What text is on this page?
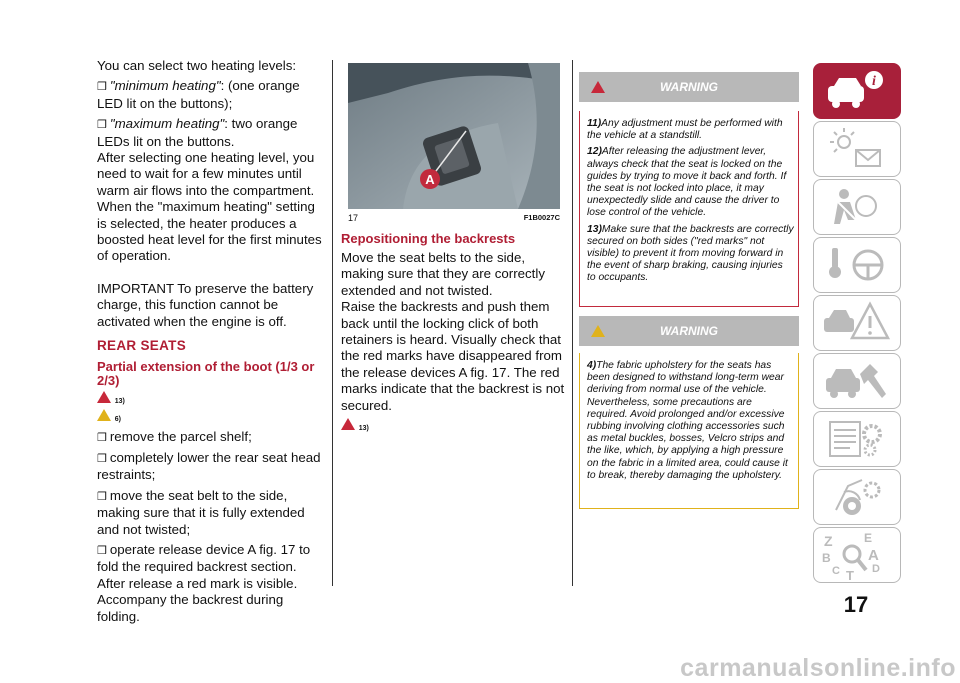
You can select two heating levels:

❒ "minimum heating": (one orange LED lit on the buttons);

❒ "maximum heating": two orange LEDs lit on the buttons.

After selecting one heating level, you need to wait for a few minutes until warm air flows into the compartment. When the "maximum heating" setting is selected, the heater produces a boosted heat level for the first minutes of operation.

IMPORTANT To preserve the battery charge, this function cannot be activated when the engine is off.

REAR SEATS

Partial extension of the boot (1/3 or 2/3)

13)

6)

❒ remove the parcel shelf;

❒ completely lower the rear seat head restraints;

❒ move the seat belt to the side, making sure that it is fully extended and not twisted;

❒ operate release device A fig. 17 to fold the required backrest section. After release a red mark is visible.

Accompany the backrest during folding.

A
17	F1B0027C

Repositioning the backrests

Move the seat belts to the side, making sure that they are correctly extended and not twisted.

Raise the backrests and push them back until the locking click of both retainers is heard. Visually check that the red marks have disappeared from the release devices A fig. 17. The red marks indicate that the backrest is not secured.

13)

WARNING

11)Any adjustment must be performed with the vehicle at a standstill.

12)After releasing the adjustment lever, always check that the seat is locked on the guides by trying to move it back and forth. If the seat is not locked into place, it may unexpectedly slide and cause the driver to lose control of the vehicle.

13)Make sure that the backrests are correctly secured on both sides ("red marks" not visible) to prevent it from moving forward in the event of sharp braking, causing injuries to occupants.

WARNING

4)The fabric upholstery for the seats has been designed to withstand long-term wear deriving from normal use of the vehicle. Nevertheless, some precautions are required. Avoid prolonged and/or excessive rubbing involving clothing accessories such as metal buckles, bosses, Velcro strips and the like, which, by applying a high pressure on the fabric in a limited area, could cause it to break, thereby damaging the upholstery.

i
Z	E
B A
C	D
T
17
carmanualsonline.info
